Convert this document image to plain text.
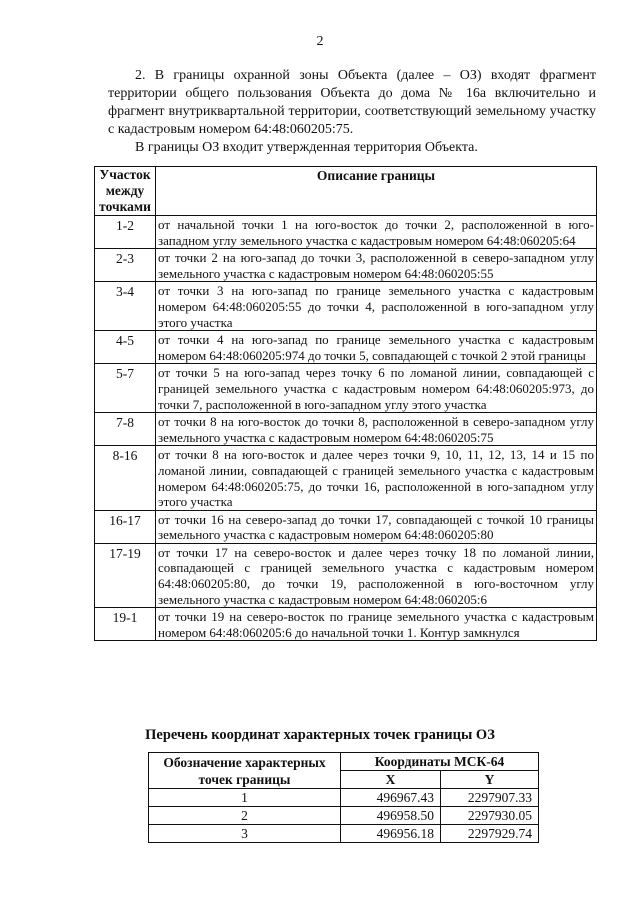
2

2. В границы охранной зоны Объекта (далее – ОЗ) входят фрагмент территории общего пользования Объекта до дома № 16а включительно и фрагмент внутриквартальной территории, соответствующий земельному участку с кадастровым номером 64:48:060205:75.

В границы ОЗ входит утвержденная территория Объекта.

Участок между точками	Описание границы
1-2	от начальной точки 1 на юго-восток до точки 2, расположенной в юго-западном углу земельного участка с кадастровым номером 64:48:060205:64
2-3	от точки 2 на юго-запад до точки 3, расположенной в северо-западном углу земельного участка с кадастровым номером 64:48:060205:55
3-4	от точки 3 на юго-запад по границе земельного участка с кадастровым номером 64:48:060205:55 до точки 4, расположенной в юго-западном углу этого участка
4-5	от точки 4 на юго-запад по границе земельного участка с кадастровым номером 64:48:060205:974 до точки 5, совпадающей с точкой 2 этой границы
5-7	от точки 5 на юго-запад через точку 6 по ломаной линии, совпадающей с границей земельного участка с кадастровым номером 64:48:060205:973, до точки 7, расположенной в юго-западном углу этого участка
7-8	от точки 8 на юго-восток до точки 8, расположенной в северо-западном углу земельного участка с кадастровым номером 64:48:060205:75
8-16	от точки 8 на юго-восток и далее через точки 9, 10, 11, 12, 13, 14 и 15 по ломаной линии, совпадающей с границей земельного участка с кадастровым номером 64:48:060205:75, до точки 16, расположенной в юго-западном углу этого участка
16-17	от точки 16 на северо-запад до точки 17, совпадающей с точкой 10 границы земельного участка с кадастровым номером 64:48:060205:80
17-19	от точки 17 на северо-восток и далее через точку 18 по ломаной линии, совпадающей с границей земельного участка с кадастровым номером 64:48:060205:80, до точки 19, расположенной в юго-восточном углу земельного участка с кадастровым номером 64:48:060205:6
19-1	от точки 19 на северо-восток по границе земельного участка с кадастровым номером 64:48:060205:6 до начальной точки 1. Контур замкнулся
Перечень координат характерных точек границы ОЗ
Обозначение характерных точек границы	Координаты МСК-64	
	X	Y
1	496967.43	2297907.33
2	496958.50	2297930.05
3	496956.18	2297929.74
